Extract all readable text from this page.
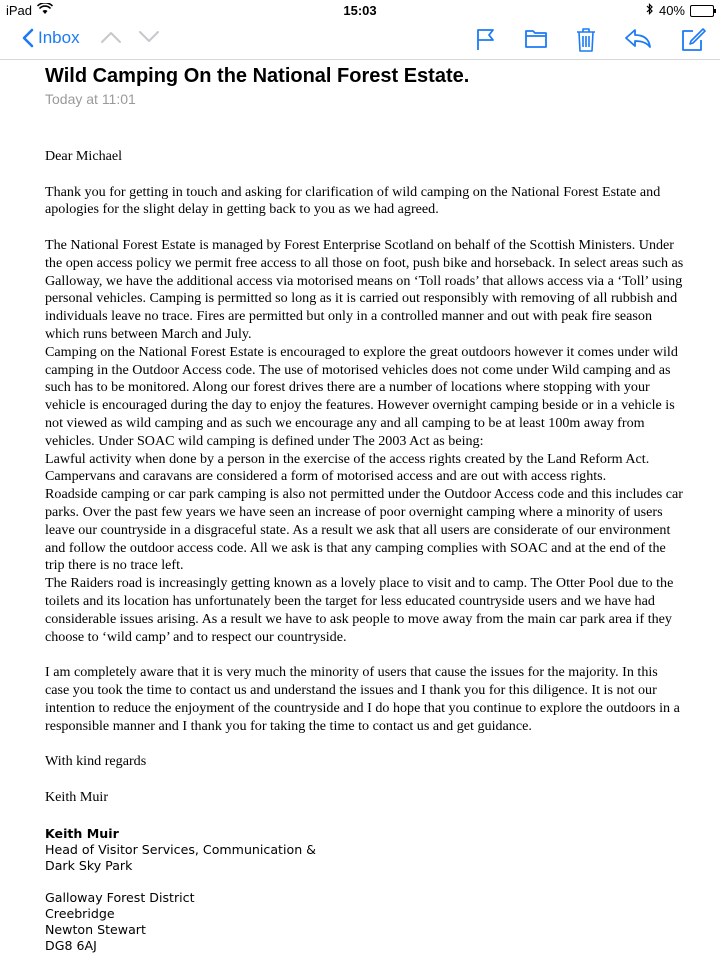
iPad	15:03	40%
Inbox
Wild Camping On the National Forest Estate.
Today at 11:01

Dear Michael

Thank you for getting in touch and asking for clarification of wild camping on the National Forest Estate and apologies for the slight delay in getting back to you as we had agreed.

The National Forest Estate is managed by Forest Enterprise Scotland on behalf of the Scottish Ministers. Under the open access policy we permit free access to all those on foot, push bike and horseback. In select areas such as Galloway, we have the additional access via motorised means on ‘Toll roads’ that allows access via a ‘Toll’ using personal vehicles. Camping is permitted so long as it is carried out responsibly with removing of all rubbish and individuals leave no trace. Fires are permitted but only in a controlled manner and out with peak fire season which runs between March and July.

Camping on the National Forest Estate is encouraged to explore the great outdoors however it comes under wild camping in the Outdoor Access code. The use of motorised vehicles does not come under Wild camping and as such has to be monitored. Along our forest drives there are a number of locations where stopping with your vehicle is encouraged during the day to enjoy the features. However overnight camping beside or in a vehicle is not viewed as wild camping and as such we encourage any and all camping to be at least 100m away from vehicles. Under SOAC wild camping is defined under The 2003 Act as being:

Lawful activity when done by a person in the exercise of the access rights created by the Land Reform Act.

Campervans and caravans are considered a form of motorised access and are out with access rights.

Roadside camping or car park camping is also not permitted under the Outdoor Access code and this includes car parks. Over the past few years we have seen an increase of poor overnight camping where a minority of users leave our countryside in a disgraceful state. As a result we ask that all users are considerate of our environment and follow the outdoor access code. All we ask is that any camping complies with SOAC and at the end of the trip there is no trace left.

The Raiders road is increasingly getting known as a lovely place to visit and to camp. The Otter Pool due to the toilets and its location has unfortunately been the target for less educated countryside users and we have had considerable issues arising. As a result we have to ask people to move away from the main car park area if they choose to ‘wild camp’ and to respect our countryside.

I am completely aware that it is very much the minority of users that cause the issues for the majority. In this case you took the time to contact us and understand the issues and I thank you for this diligence. It is not our intention to reduce the enjoyment of the countryside and I do hope that you continue to explore the outdoors in a responsible manner and I thank you for taking the time to contact us and get guidance.

With kind regards

Keith Muir

Keith Muir

Head of Visitor Services, Communication &

Dark Sky Park

Galloway Forest District

Creebridge

Newton Stewart

DG8 6AJ
